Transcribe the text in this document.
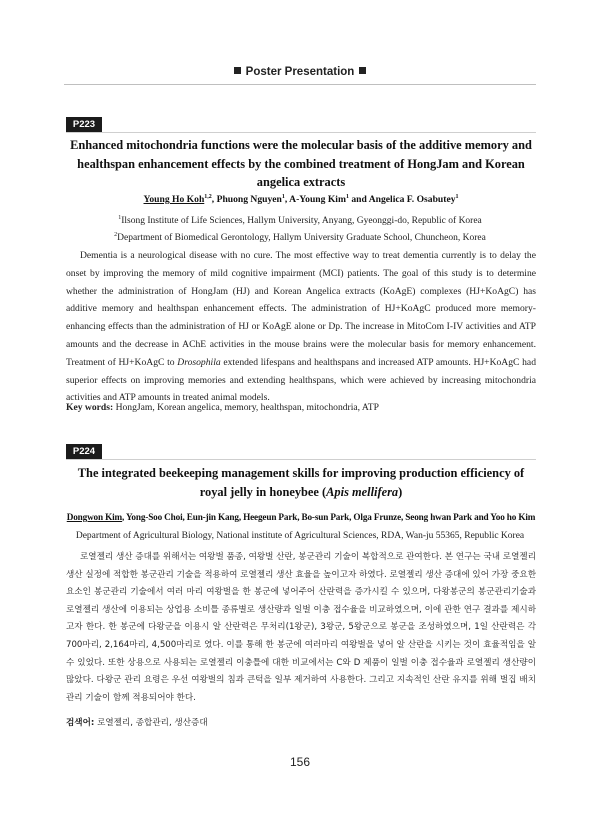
Poster Presentation
P223
Enhanced mitochondria functions were the molecular basis of the additive memory and
healthspan enhancement effects by the combined treatment of HongJam and Korean
angelica extracts
Young Ho Koh$^{1,2}$, Phuong Nguyen$^1$, A-Young Kim$^1$ and Angelica F. Osabutey$^1$
$^1$Ilsong Institute of Life Sciences, Hallym University, Anyang, Gyeonggi-do, Republic of Korea
$^2$Department of Biomedical Gerontology, Hallym University Graduate School, Chuncheon, Korea

Dementia is a neurological disease with no cure. The most effective way to treat dementia currently is to delay the onset by improving the memory of mild cognitive impairment (MCI) patients. The goal of this study is to determine whether the administration of HongJam (HJ) and Korean Angelica extracts (KoAgE) complexes (HJ+KoAgC) has additive memory and healthspan enhancement effects. The administration of HJ+KoAgC produced more memory-enhancing effects than the administration of HJ or KoAgE alone or Dp. The increase in MitoCom I-IV activities and ATP amounts and the decrease in AChE activities in the mouse brains were the molecular basis for memory enhancement. Treatment of HJ+KoAgC to Drosophila extended lifespans and healthspans and increased ATP amounts. HJ+KoAgC had superior effects on improving memories and extending healthspans, which were achieved by increasing mitochondria activities and ATP amounts in treated animal models.

Key words: HongJam, Korean angelica, memory, healthspan, mitochondria, ATP
P224
The integrated beekeeping management skills for improving production efficiency of
royal jelly in honeybee (Apis mellifera)
Dongwon Kim, Yong-Soo Choi, Eun-jin Kang, Heegeun Park, Bo-sun Park, Olga Frunze, Seong hwan Park and Yoo ho Kim
Department of Agricultural Biology, National institute of Agricultural Sciences, RDA, Wan-ju 55365, Republic Korea

로열젤리 생산 증대를 위해서는 여왕벌 품종, 여왕벌 산란, 봉군관리 기술이 복합적으로 관여한다. 본 연구는 국내 로열젤리 생산 실정에 적합한 봉군관리 기술을 적용하여 로열젤리 생산 효율을 높이고자 하였다. 로열젤리 생산 증대에 있어 가장 중요한 요소인 봉군관리 기술에서 여러 마리 여왕벌을 한 봉군에 넣어주어 산란력을 증가시킬 수 있으며, 다왕봉군의 봉군관리기술과 로열젤리 생산에 이용되는 상업용 소비틀 종류별로 생산량과 일벌 이충 접수율을 비교하였으며, 이에 관한 연구 결과를 제시하고자 한다. 한 봉군에 다왕군을 이용시 알 산란력은 무처리(1왕군), 3왕군, 5왕군으로 봉군을 조성하였으며, 1일 산란력은 각 700마리, 2,164마리, 4,500마리로 였다. 이를 통해 한 봉군에 여러마리 여왕벌을 넣어 알 산란을 시키는 것이 효율적임을 알 수 있었다. 또한 상용으로 사용되는 로열젤리 이충틀에 대한 비교에서는 C와 D 제품이 일벌 이충 접수율과 로열젤리 생산량이 많았다. 다왕군 관리 요령은 우선 여왕벌의 침과 큰턱을 일부 제거하여 사용한다. 그리고 지속적인 산란 유지를 위해 벌집 배치 관리 기술이 함께 적용되어야 한다.

검색어: 로열젤리, 종합관리, 생산증대
156
